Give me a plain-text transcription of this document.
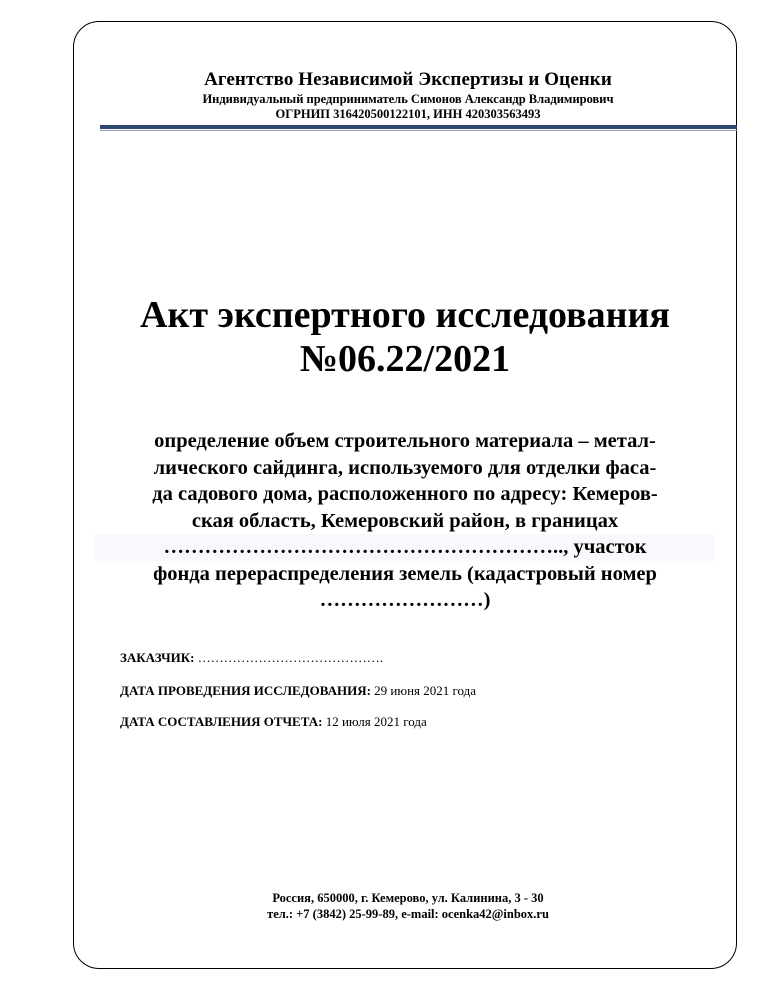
Агентство Независимой Экспертизы и Оценки
Индивидуальный предприниматель Симонов Александр Владимирович
ОГРНИП 316420500122101, ИНН 420303563493
Акт экспертного исследования
№06.22/2021
определение объем строительного материала – метал-
лического сайдинга, используемого для отделки фаса-
да садового дома, расположенного по адресу: Кемеров-
ская область, Кемеровский район, в границах
………………………………………………….., участок
фонда перераспределения земель (кадастровый номер
……………………)
ЗАКАЗЧИК: …………………………………….
ДАТА ПРОВЕДЕНИЯ ИССЛЕДОВАНИЯ: 29 июня 2021 года
ДАТА СОСТАВЛЕНИЯ ОТЧЕТА: 12 июля 2021 года
Россия, 650000, г. Кемерово, ул. Калинина, 3 - 30
тел.: +7 (3842) 25-99-89, e-mail: ocenka42@inbox.ru
